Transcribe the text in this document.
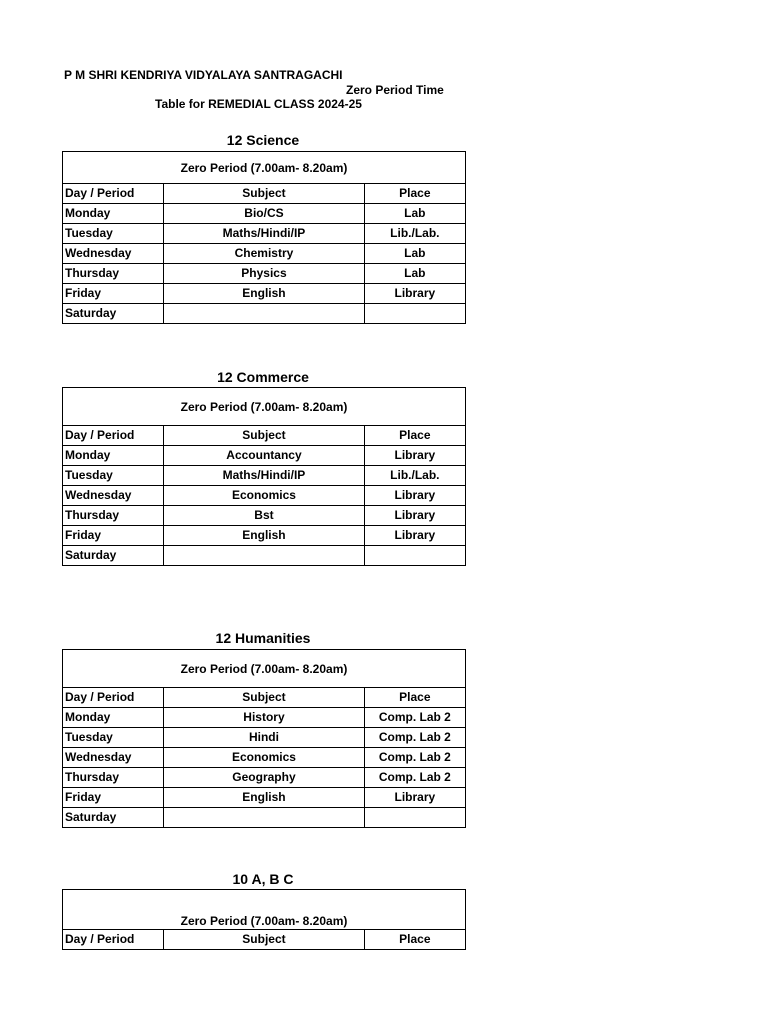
P M SHRI KENDRIYA VIDYALAYA SANTRAGACHI
Zero Period Time
Table for REMEDIAL CLASS 2024-25
12 Science
Zero Period (7.00am- 8.20am)		
Day / Period	Subject	Place
Monday	Bio/CS	Lab
Tuesday	Maths/Hindi/IP	Lib./Lab.
Wednesday	Chemistry	Lab
Thursday	Physics	Lab
Friday	English	Library
Saturday		
12 Commerce
Zero Period (7.00am- 8.20am)		
Day / Period	Subject	Place
Monday	Accountancy	Library
Tuesday	Maths/Hindi/IP	Lib./Lab.
Wednesday	Economics	Library
Thursday	Bst	Library
Friday	English	Library
Saturday		
12 Humanities
Zero Period (7.00am- 8.20am)		
Day / Period	Subject	Place
Monday	History	Comp. Lab 2
Tuesday	Hindi	Comp. Lab 2
Wednesday	Economics	Comp. Lab 2
Thursday	Geography	Comp. Lab 2
Friday	English	Library
Saturday		
10 A, B C
Zero Period (7.00am- 8.20am)
Day / Period	Subject	Place
